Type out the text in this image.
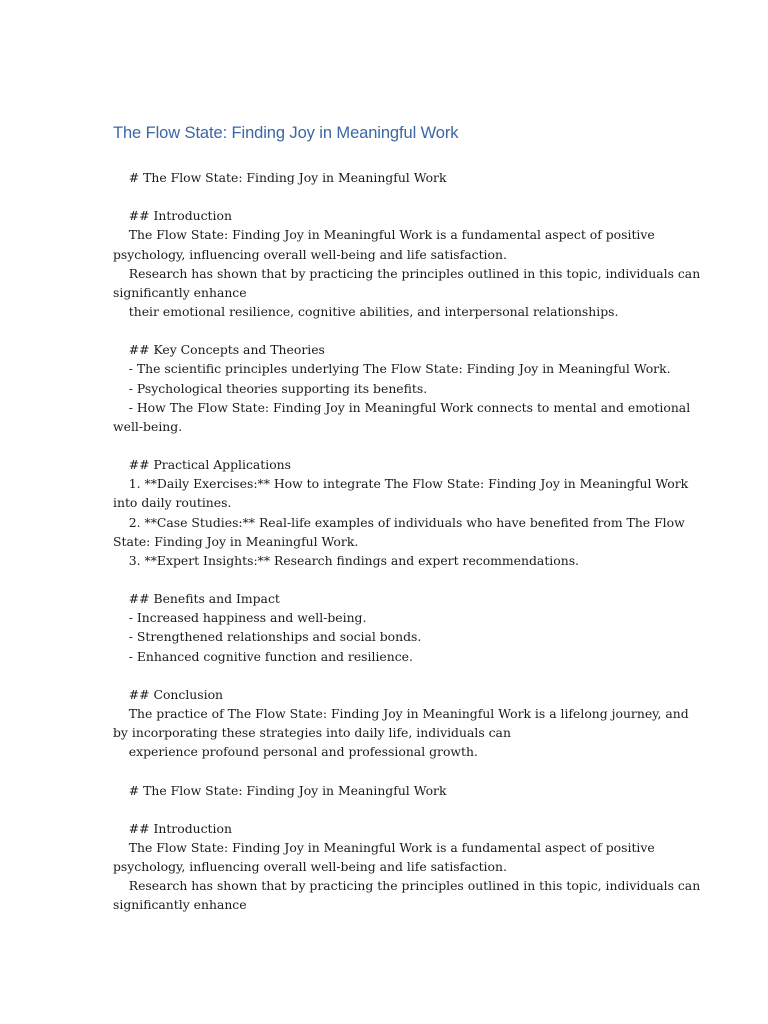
The Flow State: Finding Joy in Meaningful Work
# The Flow State: Finding Joy in Meaningful Work
## Introduction
The Flow State: Finding Joy in Meaningful Work is a fundamental aspect of positive
psychology, influencing overall well-being and life satisfaction.
Research has shown that by practicing the principles outlined in this topic, individuals can
significantly enhance
their emotional resilience, cognitive abilities, and interpersonal relationships.
## Key Concepts and Theories
- The scientific principles underlying The Flow State: Finding Joy in Meaningful Work.
- Psychological theories supporting its benefits.
- How The Flow State: Finding Joy in Meaningful Work connects to mental and emotional
well-being.
## Practical Applications
1. **Daily Exercises:** How to integrate The Flow State: Finding Joy in Meaningful Work
into daily routines.
2. **Case Studies:** Real-life examples of individuals who have benefited from The Flow
State: Finding Joy in Meaningful Work.
3. **Expert Insights:** Research findings and expert recommendations.
## Benefits and Impact
- Increased happiness and well-being.
- Strengthened relationships and social bonds.
- Enhanced cognitive function and resilience.
## Conclusion
The practice of The Flow State: Finding Joy in Meaningful Work is a lifelong journey, and
by incorporating these strategies into daily life, individuals can
experience profound personal and professional growth.
# The Flow State: Finding Joy in Meaningful Work
## Introduction
The Flow State: Finding Joy in Meaningful Work is a fundamental aspect of positive
psychology, influencing overall well-being and life satisfaction.
Research has shown that by practicing the principles outlined in this topic, individuals can
significantly enhance
